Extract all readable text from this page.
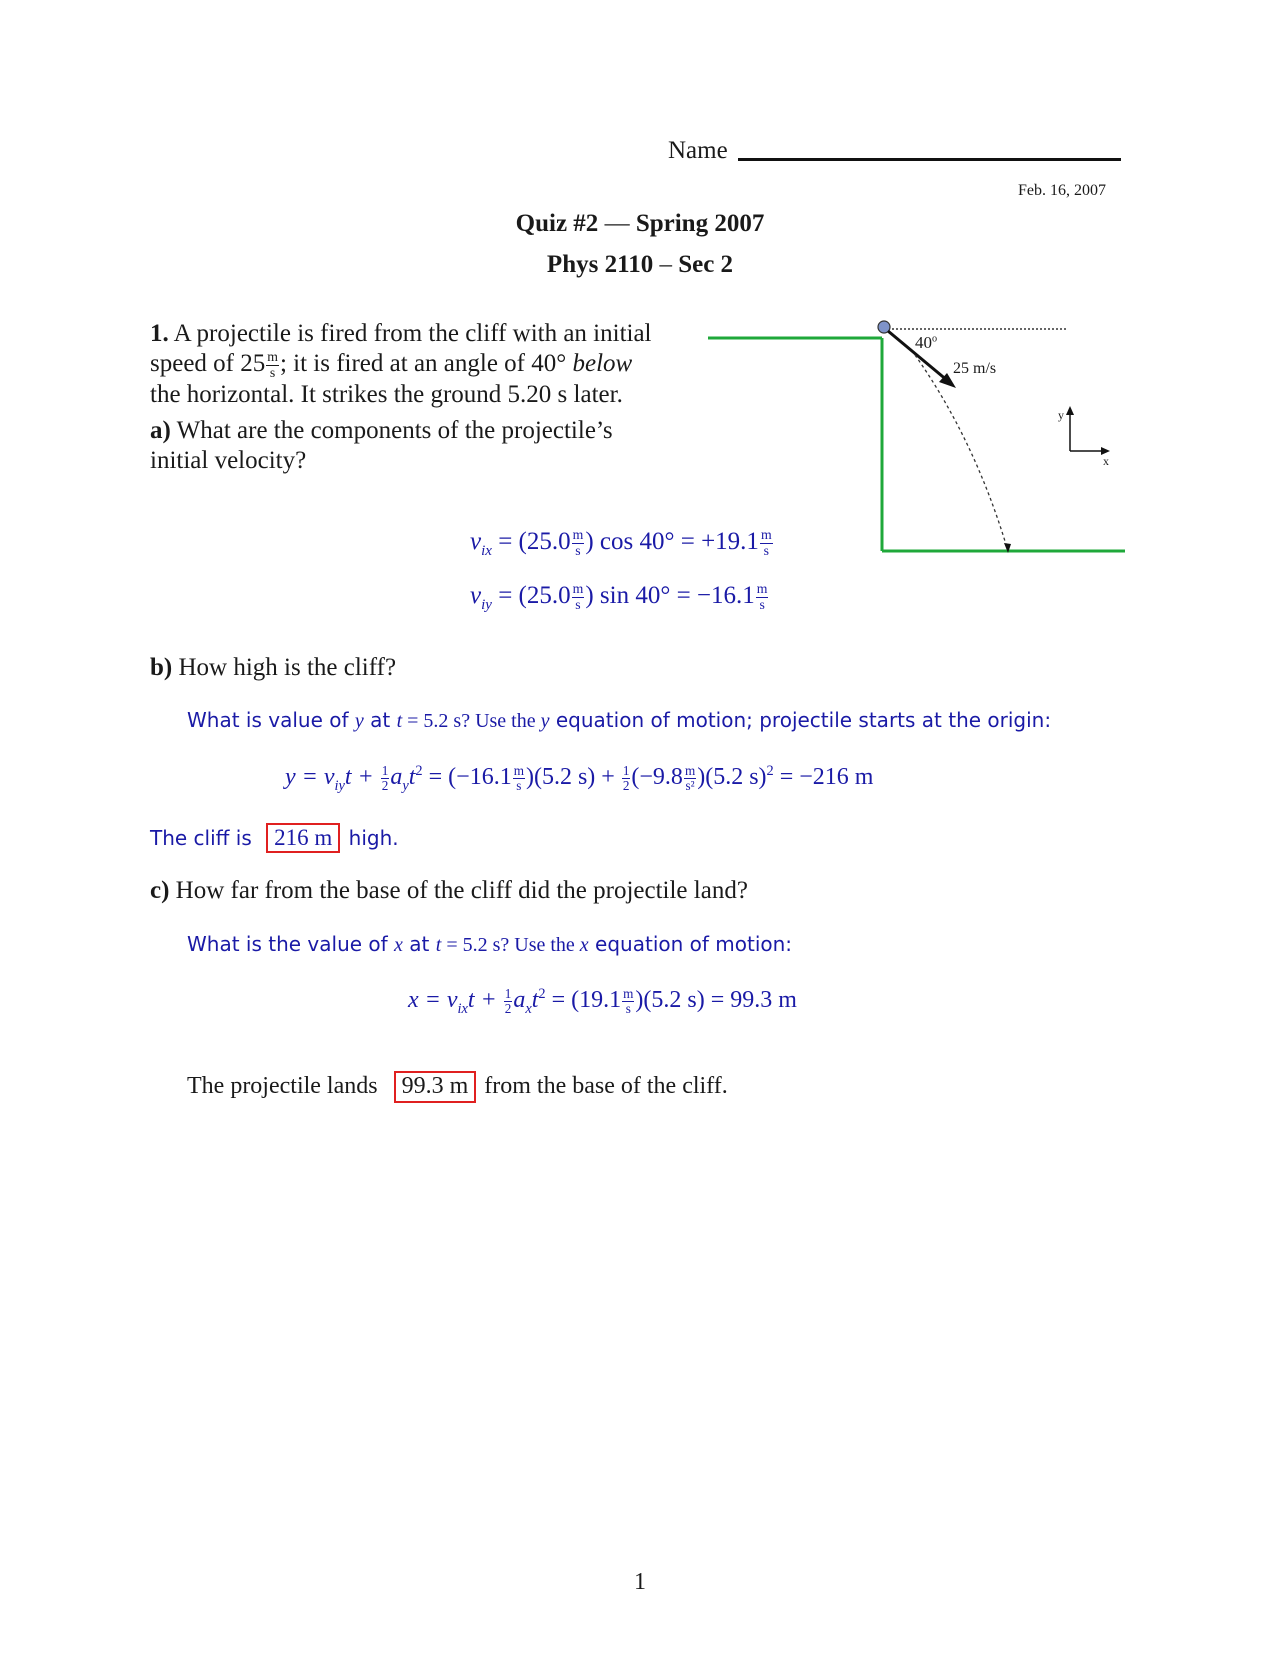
Name
Feb. 16, 2007
Quiz #2 — Spring 2007
Phys 2110 – Sec 2
1. A projectile is fired from the cliff with an initial
speed of $25 \frac{m}{s}$ ; it is fired at an angle of 40° below
the horizontal. It strikes the ground 5.20 s later.
a) What are the components of the projectile’s
initial velocity?
$v_{ix} = (25.0 \frac{m}{s}$ ) $\cos 40^\circ = +19.1 \frac{m}{s}$
$v_{iy} = (25.0 \frac{m}{s}$ ) $\sin 40^\circ = -16.1 \frac{m}{s}$
b) How high is the cliff?
What is value of y at t = 5.2 s? Use the y equation of motion; projectile starts at the origin:
$y = v_{iy}t + \frac{1}{2} a_yt^2 = (-16.1 \frac{m}{s} )(5.2$ $s) + \frac{1}{2} (-9.8 \frac{m}{\text{s²}} )(5.2$ s)$^2$ = −216 m
The cliff is 216 m high.
c) How far from the base of the cliff did the projectile land?
What is the value of x at t = 5.2 s? Use the x equation of motion:
$x = v_{ix}t + \frac{1}{2} a_xt^2 = (19.1 \frac{m}{s} )(5.2$ s) = 99.3 m
The projectile lands 99.3 m from the base of the cliff.
40$^o$
25 m/s
y
x
1
